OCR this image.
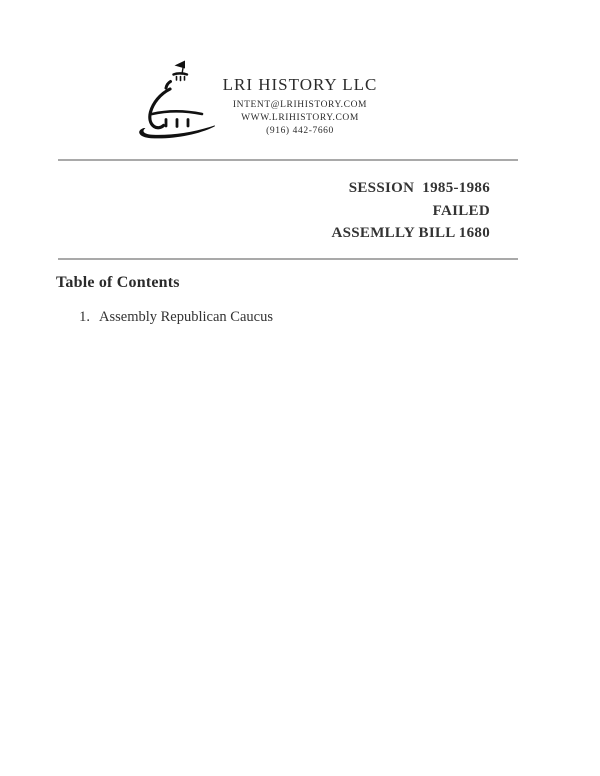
LRI HISTORY LLC
INTENT@LRIHISTORY.COM
WWW.LRIHISTORY.COM
(916) 442-7660
SESSION  1985-1986
FAILED
ASSEMLLY BILL 1680
Table of Contents
1. Assembly Republican Caucus
